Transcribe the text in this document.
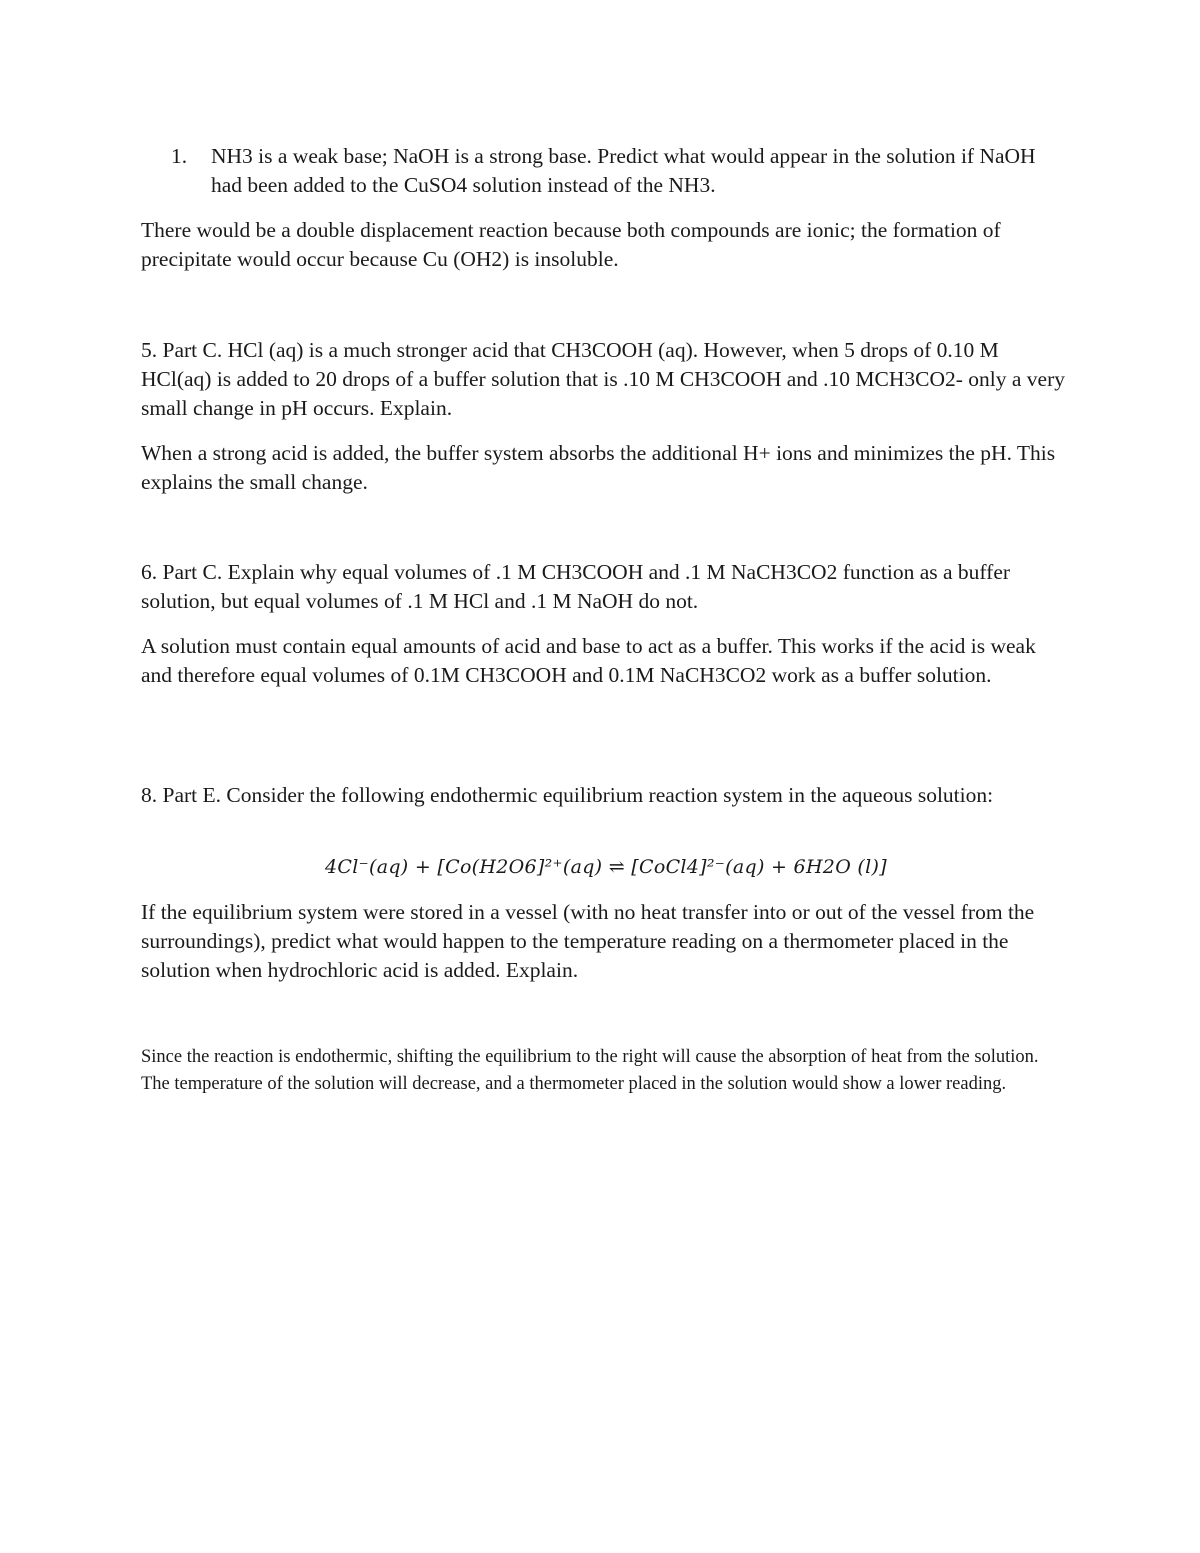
1.	NH3 is a weak base; NaOH is a strong base. Predict what would appear in the solution if NaOH had been added to the CuSO4 solution instead of the NH3.

There would be a double displacement reaction because both compounds are ionic; the formation of precipitate would occur because Cu (OH2) is insoluble.

5. Part C. HCl (aq) is a much stronger acid that CH3COOH (aq). However, when 5 drops of 0.10 M HCl(aq) is added to 20 drops of a buffer solution that is .10 M CH3COOH and .10 MCH3CO2- only a very small change in pH occurs. Explain.

When a strong acid is added, the buffer system absorbs the additional H+ ions and minimizes the pH. This explains the small change.

6. Part C. Explain why equal volumes of .1 M CH3COOH and .1 M NaCH3CO2 function as a buffer solution, but equal volumes of .1 M HCl and .1 M NaOH do not.

A solution must contain equal amounts of acid and base to act as a buffer. This works if the acid is weak and therefore equal volumes of 0.1M CH3COOH and 0.1M NaCH3CO2 work as a buffer solution.

8. Part E. Consider the following endothermic equilibrium reaction system in the aqueous solution:

4Cl⁻(aq) + [Co(H2O6]²⁺(aq) ⇌ [CoCl4]²⁻(aq) + 6H2O (l)]

If the equilibrium system were stored in a vessel (with no heat transfer into or out of the vessel from the surroundings), predict what would happen to the temperature reading on a thermometer placed in the solution when hydrochloric acid is added. Explain.

Since the reaction is endothermic, shifting the equilibrium to the right will cause the absorption of heat from the solution. The temperature of the solution will decrease, and a thermometer placed in the solution would show a lower reading.
